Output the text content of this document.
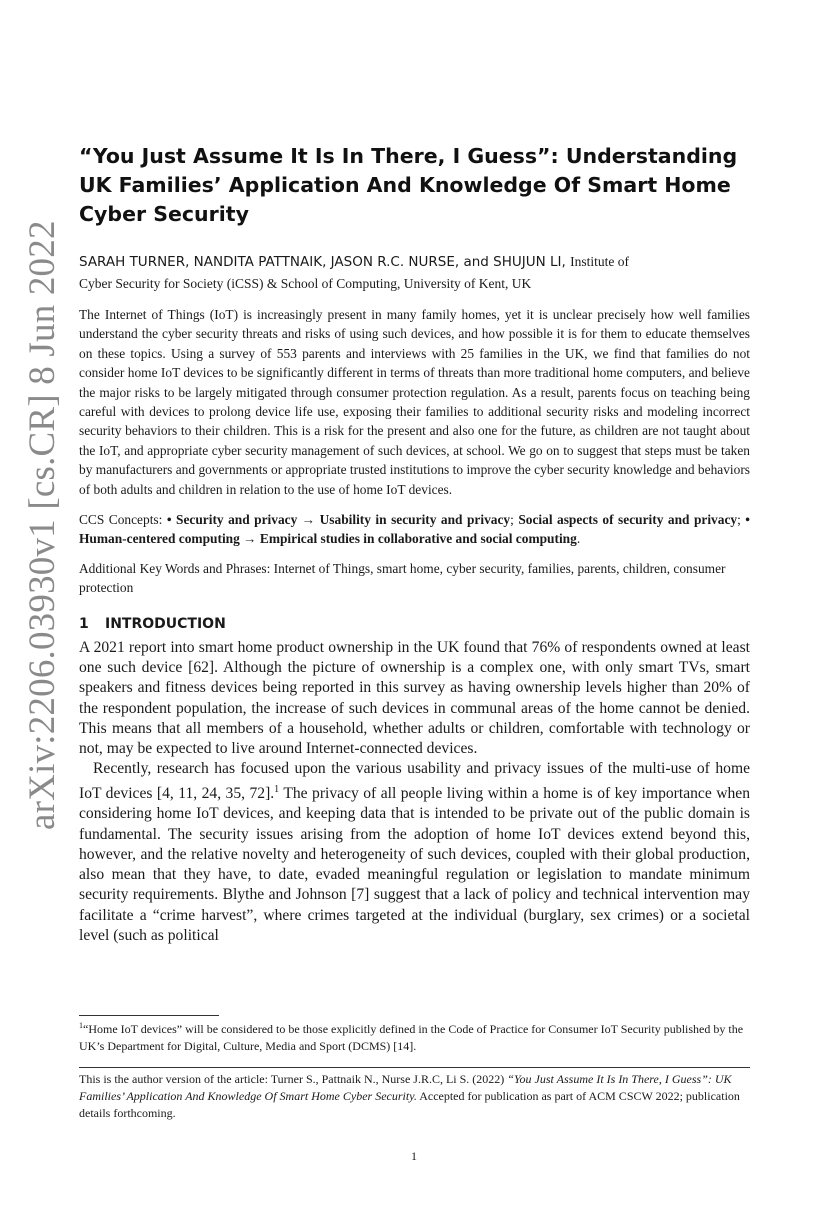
arXiv:2206.03930v1 [cs.CR] 8 Jun 2022
“You Just Assume It Is In There, I Guess”: Understanding UK Families’ Application And Knowledge Of Smart Home Cyber Security

SARAH TURNER, NANDITA PATTNAIK, JASON R.C. NURSE, and SHUJUN LI, Institute of

Cyber Security for Society (iCSS) & School of Computing, University of Kent, UK

The Internet of Things (IoT) is increasingly present in many family homes, yet it is unclear precisely how well families understand the cyber security threats and risks of using such devices, and how possible it is for them to educate themselves on these topics. Using a survey of 553 parents and interviews with 25 families in the UK, we find that families do not consider home IoT devices to be significantly different in terms of threats than more traditional home computers, and believe the major risks to be largely mitigated through consumer protection regulation. As a result, parents focus on teaching being careful with devices to prolong device life use, exposing their families to additional security risks and modeling incorrect security behaviors to their children. This is a risk for the present and also one for the future, as children are not taught about the IoT, and appropriate cyber security management of such devices, at school. We go on to suggest that steps must be taken by manufacturers and governments or appropriate trusted institutions to improve the cyber security knowledge and behaviors of both adults and children in relation to the use of home IoT devices.

CCS Concepts: • Security and privacy → Usability in security and privacy; Social aspects of security and privacy; • Human-centered computing → Empirical studies in collaborative and social computing.

Additional Key Words and Phrases: Internet of Things, smart home, cyber security, families, parents, children, consumer protection

1 INTRODUCTION

A 2021 report into smart home product ownership in the UK found that 76% of respondents owned at least one such device [62]. Although the picture of ownership is a complex one, with only smart TVs, smart speakers and fitness devices being reported in this survey as having ownership levels higher than 20% of the respondent population, the increase of such devices in communal areas of the home cannot be denied. This means that all members of a household, whether adults or children, comfortable with technology or not, may be expected to live around Internet-connected devices.

Recently, research has focused upon the various usability and privacy issues of the multi-use of home IoT devices [4, 11, 24, 35, 72].$^1$ The privacy of all people living within a home is of key importance when considering home IoT devices, and keeping data that is intended to be private out of the public domain is fundamental. The security issues arising from the adoption of home IoT devices extend beyond this, however, and the relative novelty and heterogeneity of such devices, coupled with their global production, also mean that they have, to date, evaded meaningful regulation or legislation to mandate minimum security requirements. Blythe and Johnson [7] suggest that a lack of policy and technical intervention may facilitate a “crime harvest”, where crimes targeted at the individual (burglary, sex crimes) or a societal level (such as political

$^1$“Home IoT devices” will be considered to be those explicitly defined in the Code of Practice for Consumer IoT Security published by the UK’s Department for Digital, Culture, Media and Sport (DCMS) [14].
This is the author version of the article: Turner S., Pattnaik N., Nurse J.R.C, Li S. (2022) “You Just Assume It Is In There, I Guess”: UK Families’ Application And Knowledge Of Smart Home Cyber Security. Accepted for publication as part of ACM CSCW 2022; publication details forthcoming.
1
